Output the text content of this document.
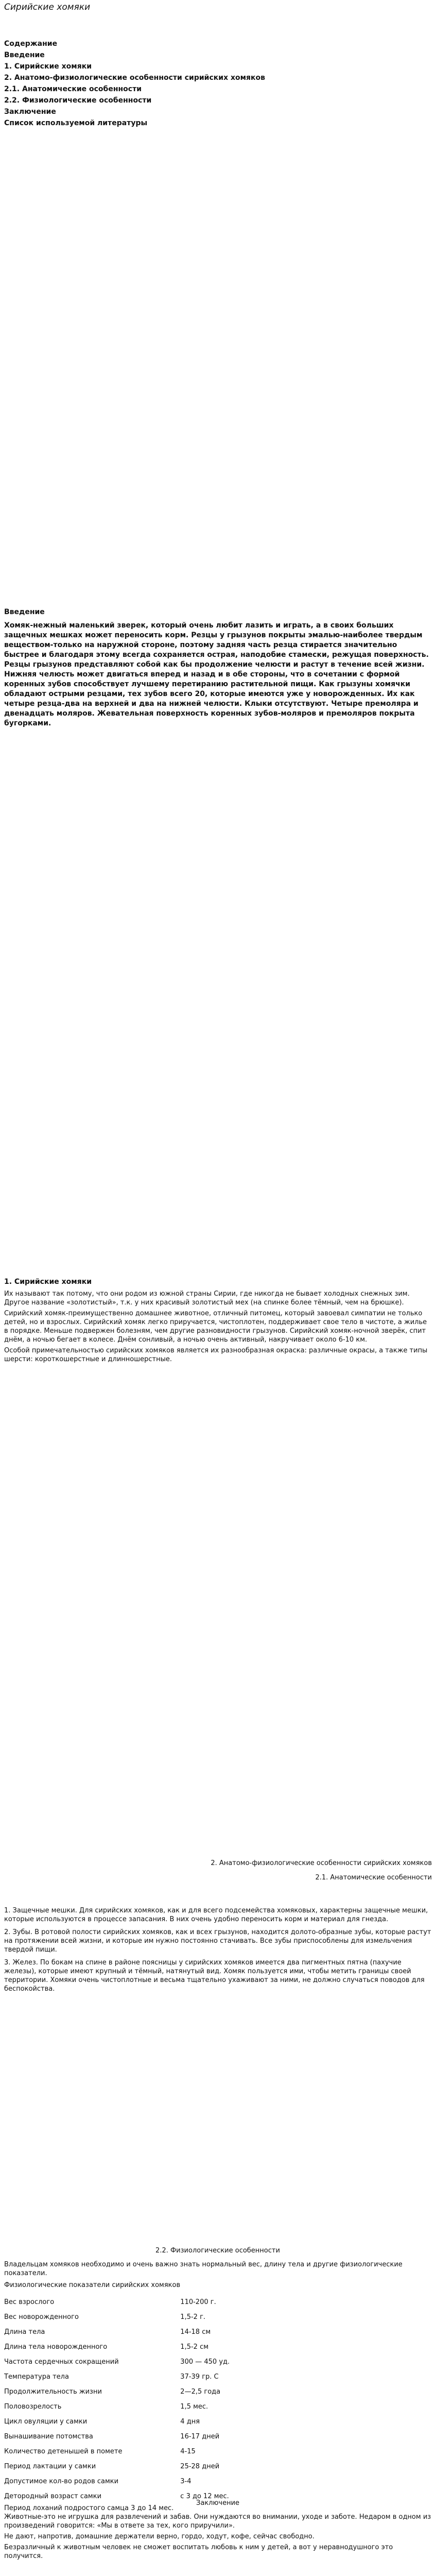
Сирийские хомяки
Содержание
Введение
1. Сирийские хомяки
2. Анатомо-физиологические особенности сирийских хомяков
2.1. Анатомические особенности
2.2. Физиологические особенности
Заключение
Список используемой литературы
Введение
Хомяк-нежный маленький зверек, который очень любит лазить и играть, а в своих больших защечных мешках может переносить корм. Резцы у грызунов покрыты эмалью-наиболее твердым веществом-только на наружной стороне, поэтому задняя часть резца стирается значительно быстрее и благодаря этому всегда сохраняется острая, наподобие стамески, режущая поверхность. Резцы грызунов представляют собой как бы продолжение челюсти и растут в течение всей жизни. Нижняя челюсть может двигаться вперед и назад и в обе стороны, что в сочетании с формой коренных зубов способствует лучшему перетиранию растительной пищи. Как грызуны хомячки обладают острыми резцами, тех зубов всего 20, которые имеются уже у новорожденных. Их как четыре резца-два на верхней и два на нижней челюсти. Клыки отсутствуют. Четыре премоляра и двенадцать моляров. Жевательная поверхность коренных зубов-моляров и премоляров покрыта бугорками.
1. Сирийские хомяки

Их называют так потому, что они родом из южной страны Сирии, где никогда не бывает холодных снежных зим. Другое название «золотистый», т.к. у них красивый золотистый мех (на спинке более тёмный, чем на брюшке).

Сирийский хомяк-преимущественно домашнее животное, отличный питомец, который завоевал симпатии не только детей, но и взрослых. Сирийский хомяк легко приручается, чистоплотен, поддерживает свое тело в чистоте, а жилье в порядке. Меньше подвержен болезням, чем другие разновидности грызунов. Сирийский хомяк-ночной зверёк, спит днём, а ночью бегает в колесе. Днём сонливый, а ночью очень активный, накручивает около 6-10 км.

Особой примечательностью сирийских хомяков является их разнообразная окраска: различные окрасы, а также типы шерсти: короткошерстные и длинношерстные.

2. Анатомо-физиологические особенности сирийских хомяков
2.1. Анатомические особенности

1. Защечные мешки. Для сирийских хомяков, как и для всего подсемейства хомяковых, характерны защечные мешки, которые используются в процессе запасания. В них очень удобно переносить корм и материал для гнезда.

2. Зубы. В ротовой полости сирийских хомяков, как и всех грызунов, находится долото-образные зубы, которые растут на протяжении всей жизни, и которые им нужно постоянно стачивать. Все зубы приспособлены для измельчения твердой пищи.

3. Желез. По бокам на спине в районе поясницы у сирийских хомяков имеется два пигментных пятна (пахучие железы), которые имеют крупный и тёмный, натянутый вид. Хомяк пользуется ими, чтобы метить границы своей территории. Хомяки очень чистоплотные и весьма тщательно ухаживают за ними, не должно случаться поводов для беспокойства.

2.2. Физиологические особенности
Владельцам хомяков необходимо и очень важно знать нормальный вес, длину тела и другие физиологические показатели.
Физиологические показатели сирийских хомяков
Вес взрослого	110-200 г.
Вес новорожденного	1,5-2 г.
Длина тела	14-18 см
Длина тела новорожденного	1,5-2 см
Частота сердечных сокращений	300 — 450 уд.
Температура тела	37-39 гр. С
Продолжительность жизни	2—2,5 года
Половозрелость	1,5 мес.
Цикл овуляции у самки	4 дня
Вынашивание потомства	16-17 дней
Количество детенышей в помете	4-15
Период лактации у самки	25-28 дней
Допустимое кол-во родов самки	3-4
Детородный возраст самки	с 3 до 12 мес.
Период лоханий подростого самца 3 до 14 мес.
Заключение

Животные-это не игрушка для развлечений и забав. Они нуждаются во внимании, уходе и заботе. Недаром в одном из произведений говорится: «Мы в ответе за тех, кого приручили».

Не дают, напротив, домашние держатели верно, гордо, ходут, кофе, сейчас свободно.

Безразличный к животным человек не сможет воспитать любовь к ним у детей, а вот у неравнодушного это получится.
